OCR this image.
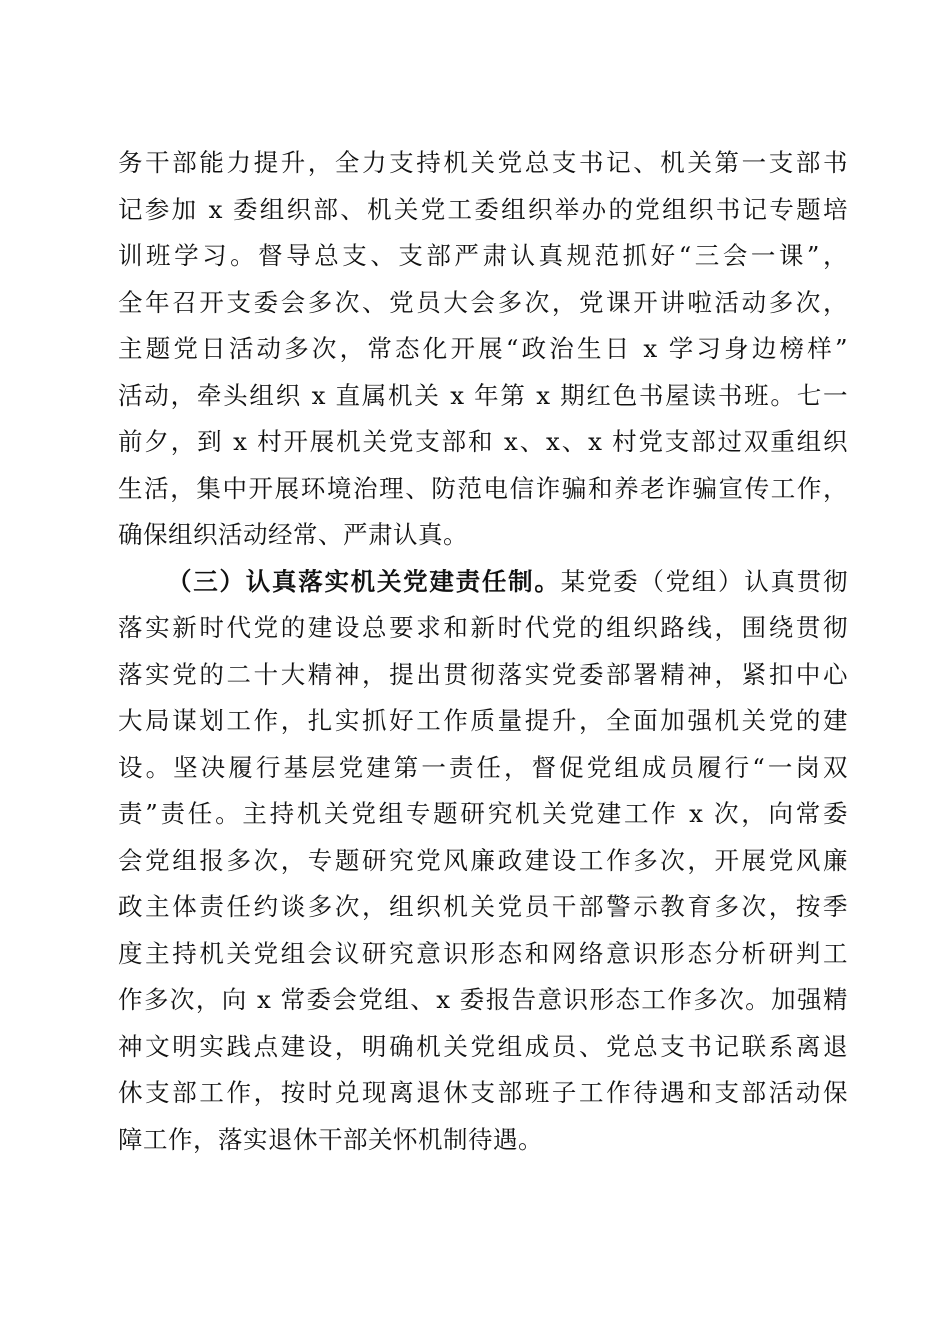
务干部能力提升，全力支持机关党总支书记、机关第一支部书
记参加 x 委组织部、机关党工委组织举办的党组织书记专题培
训班学习。督导总支、支部严肃认真规范抓好“三会一课”，
全年召开支委会多次、党员大会多次，党课开讲啦活动多次，
主题党日活动多次，常态化开展“政治生日 x 学习身边榜样”
活动，牵头组织 x 直属机关 x 年第 x 期红色书屋读书班。七一
前夕，到 x 村开展机关党支部和 x、x、x 村党支部过双重组织
生活，集中开展环境治理、防范电信诈骗和养老诈骗宣传工作，
确保组织活动经常、严肃认真。
（三）认真落实机关党建责任制。某党委（党组）认真贯彻
落实新时代党的建设总要求和新时代党的组织路线，围绕贯彻
落实党的二十大精神，提出贯彻落实党委部署精神，紧扣中心
大局谋划工作，扎实抓好工作质量提升，全面加强机关党的建
设。坚决履行基层党建第一责任，督促党组成员履行“一岗双
责”责任。主持机关党组专题研究机关党建工作 x 次，向常委
会党组报多次，专题研究党风廉政建设工作多次，开展党风廉
政主体责任约谈多次，组织机关党员干部警示教育多次，按季
度主持机关党组会议研究意识形态和网络意识形态分析研判工
作多次，向 x 常委会党组、x 委报告意识形态工作多次。加强精
神文明实践点建设，明确机关党组成员、党总支书记联系离退
休支部工作，按时兑现离退休支部班子工作待遇和支部活动保
障工作，落实退休干部关怀机制待遇。
